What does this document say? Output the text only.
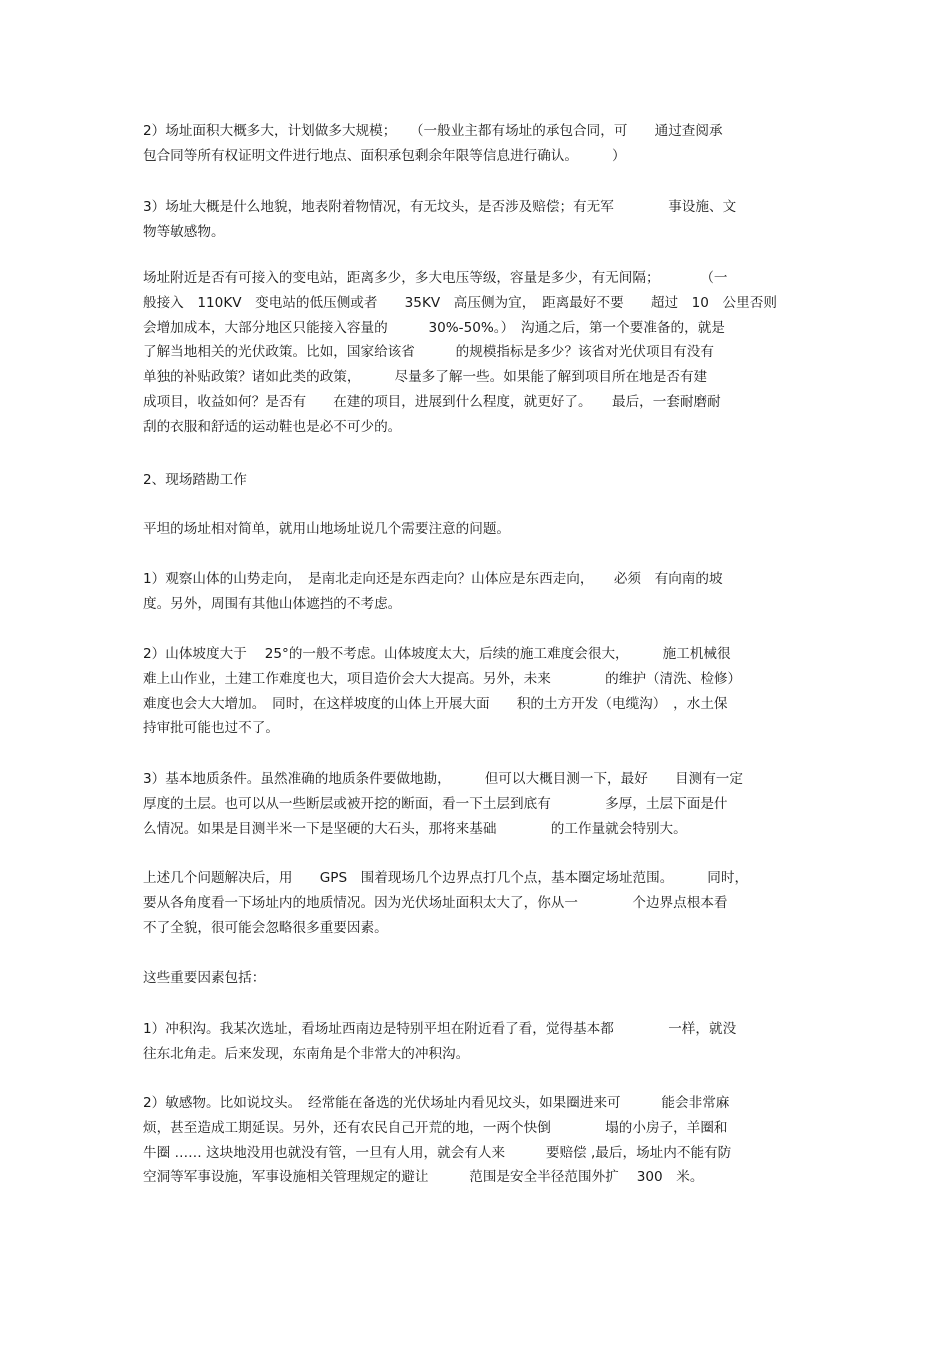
2）场址面积大概多大，计划做多大规模；　　（一般业主都有场址的承包合同，可　　通过查阅承
包合同等所有权证明文件进行地点、面积承包剩余年限等信息进行确认。　　　）
3）场址大概是什么地貌，地表附着物情况，有无坟头，是否涉及赔偿；有无军　　　　事设施、文
物等敏感物。
场址附近是否有可接入的变电站，距离多少，多大电压等级，容量是多少，有无间隔；　　　　（一
般接入　110KV　变电站的低压侧或者　　35KV　高压侧为宜，　距离最好不要　　超过　10　公里否则
会增加成本，大部分地区只能接入容量的　　　30%-50%。）　沟通之后，第一个要准备的，就是
了解当地相关的光伏政策。比如，国家给该省　　　的规模指标是多少？该省对光伏项目有没有
单独的补贴政策？诸如此类的政策，　　　尽量多了解一些。如果能了解到项目所在地是否有建
成项目，收益如何？是否有　　在建的项目，进展到什么程度，就更好了。　　最后，一套耐磨耐
刮的衣服和舒适的运动鞋也是必不可少的。
2、现场踏勘工作
平坦的场址相对简单，就用山地场址说几个需要注意的问题。
1）观察山体的山势走向，　是南北走向还是东西走向？山体应是东西走向，　　必须　有向南的坡
度。另外，周围有其他山体遮挡的不考虑。
2）山体坡度大于　 25°的一般不考虑。山体坡度太大，后续的施工难度会很大，　　　施工机械很
难上山作业，土建工作难度也大，项目造价会大大提高。另外，未来　　　　的维护（清洗、检修）
难度也会大大增加。　同时，在这样坡度的山体上开展大面　　积的土方开发（电缆沟）　，水土保
持审批可能也过不了。
3）基本地质条件。虽然准确的地质条件要做地勘，　　　但可以大概目测一下，最好　　目测有一定
厚度的土层。也可以从一些断层或被开挖的断面，看一下土层到底有　　　　多厚，土层下面是什
么情况。如果是目测半米一下是坚硬的大石头，那将来基础　　　　的工作量就会特别大。
上述几个问题解决后，用　　GPS　围着现场几个边界点打几个点，基本圈定场址范围。　　　同时，
要从各角度看一下场址内的地质情况。因为光伏场址面积太大了，你从一　　　　个边界点根本看
不了全貌，很可能会忽略很多重要因素。
这些重要因素包括：
1）冲积沟。我某次选址，看场址西南边是特别平坦在附近看了看，觉得基本都　　　　一样，就没
往东北角走。后来发现，东南角是个非常大的冲积沟。
2）敏感物。比如说坟头。　经常能在备选的光伏场址内看见坟头，如果圈进来可　　　能会非常麻
烦，甚至造成工期延误。另外，还有农民自己开荒的地，一两个快倒　　　　塌的小房子，羊圈和
牛圈 …… 这块地没用也就没有管，一旦有人用，就会有人来　　　要赔偿 ,最后，场址内不能有防
空洞等军事设施，军事设施相关管理规定的避让　　　范围是安全半径范围外扩　 300　米。
